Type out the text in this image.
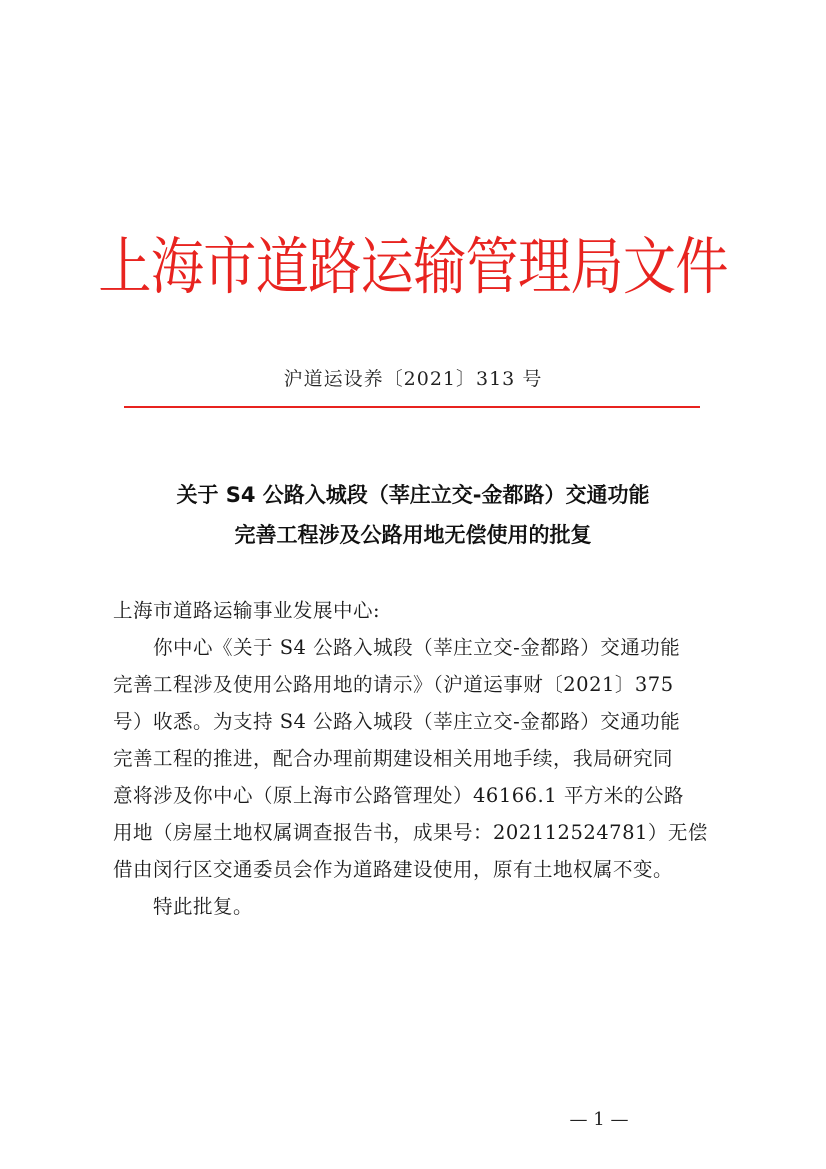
上海市道路运输管理局文件
沪道运设养〔2021〕313 号
关于 S4 公路入城段（莘庄立交-金都路）交通功能
完善工程涉及公路用地无偿使用的批复
上海市道路运输事业发展中心:
你中心《关于 S4 公路入城段（莘庄立交-金都路）交通功能
完善工程涉及使用公路用地的请示》（沪道运事财〔2021〕375
号）收悉。为支持 S4 公路入城段（莘庄立交-金都路）交通功能
完善工程的推进，配合办理前期建设相关用地手续，我局研究同
意将涉及你中心（原上海市公路管理处）46166.1 平方米的公路
用地（房屋土地权属调查报告书，成果号：202112524781）无偿
借由闵行区交通委员会作为道路建设使用，原有土地权属不变。
特此批复。
— 1 —
